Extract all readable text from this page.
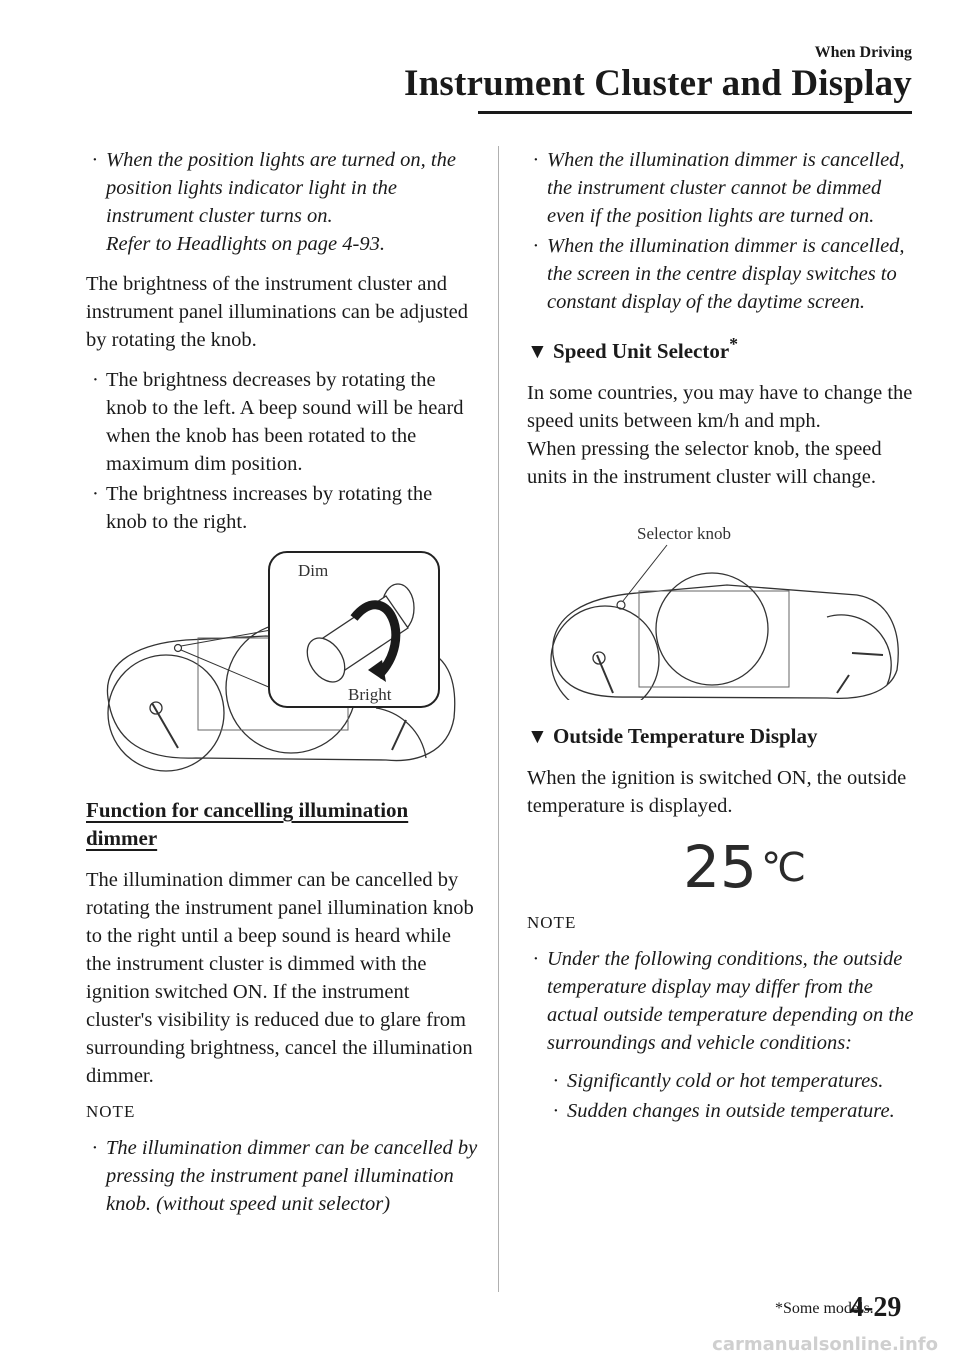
When Driving
Instrument Cluster and Display
· When the position lights are turned on, the position lights indicator light in the instrument cluster turns on.
Refer to Headlights on page 4-93.

The brightness of the instrument cluster and instrument panel illuminations can be adjusted by rotating the knob.

· The brightness decreases by rotating the knob to the left. A beep sound will be heard when the knob has been rotated to the maximum dim position.
· The brightness increases by rotating the knob to the right.
Dim
Bright
Function for cancelling illumination dimmer

The illumination dimmer can be cancelled by rotating the instrument panel illumination knob to the right until a beep sound is heard while the instrument cluster is dimmed with the ignition switched ON. If the instrument cluster's visibility is reduced due to glare from surrounding brightness, cancel the illumination dimmer.

NOTE
· The illumination dimmer can be cancelled by pressing the instrument panel illumination knob. (without speed unit selector)
· When the illumination dimmer is cancelled, the instrument cluster cannot be dimmed even if the position lights are turned on.
· When the illumination dimmer is cancelled, the screen in the centre display switches to constant display of the daytime screen.
▼ Speed Unit Selector*

In some countries, you may have to change the speed units between km/h and mph.

When pressing the selector knob, the speed units in the instrument cluster will change.

Selector knob
▼ Outside Temperature Display

When the ignition is switched ON, the outside temperature is displayed.

25 ℃
NOTE
· Under the following conditions, the outside temperature display may differ from the actual outside temperature depending on the surroundings and vehicle conditions:
· Significantly cold or hot temperatures.
· Sudden changes in outside temperature.
*Some models.
4-29
carmanualsonline.info
